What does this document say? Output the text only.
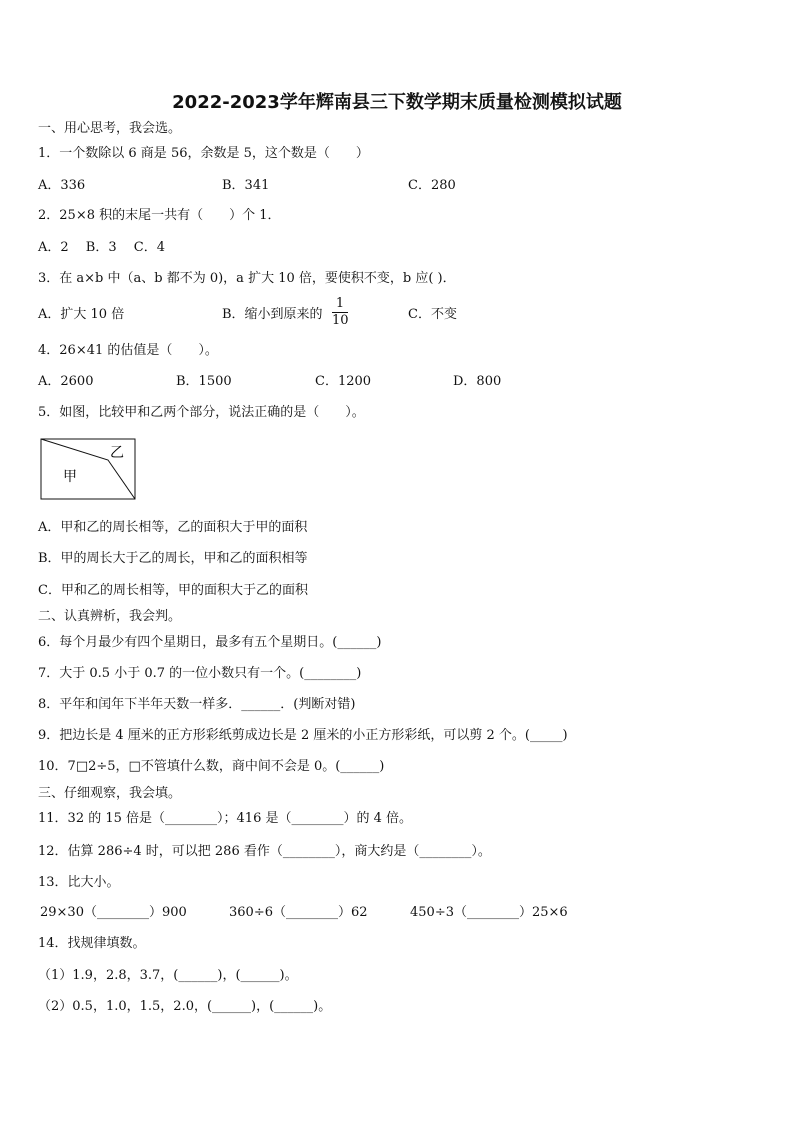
2022-2023学年辉南县三下数学期末质量检测模拟试题
一、用心思考，我会选。
1．一个数除以 6 商是 56，余数是 5，这个数是（　　）
A．336	B．341	C．280
2．25×8 积的末尾一共有（　　）个 1．
A．2　 B．3　 C．4
3．在 a×b 中（a、b 都不为 0)，a 扩大 10 倍，要使积不变，b 应( )．
A．扩大 10 倍	B．缩小到原来的
1
10	C．不变
4．26×41 的估值是（　　）。
A．2600	B．1500	C．1200	D．800
5．如图，比较甲和乙两个部分，说法正确的是（　　）。
乙
甲
A．甲和乙的周长相等，乙的面积大于甲的面积
B．甲的周长大于乙的周长，甲和乙的面积相等
C．甲和乙的周长相等，甲的面积大于乙的面积
二、认真辨析，我会判。
6．每个月最少有四个星期日，最多有五个星期日。(______)
7．大于 0.5 小于 0.7 的一位小数只有一个。(________)
8．平年和闰年下半年天数一样多．______．(判断对错)
9．把边长是 4 厘米的正方形彩纸剪成边长是 2 厘米的小正方形彩纸，可以剪 2 个。(_____)
10．7□2÷5，□不管填什么数，商中间不会是 0。(______)
三、仔细观察，我会填。
11．32 的 15 倍是（________）；416 是（________）的 4 倍。
12．估算 286÷4 时，可以把 286 看作（________），商大约是（________）。
13．比大小。
29×30（________）900	360÷6（________）62	450÷3（________）25×6
14．找规律填数。
（1）1.9，2.8，3.7，(______)，(______)。
（2）0.5，1.0，1.5，2.0，(______)，(______)。
